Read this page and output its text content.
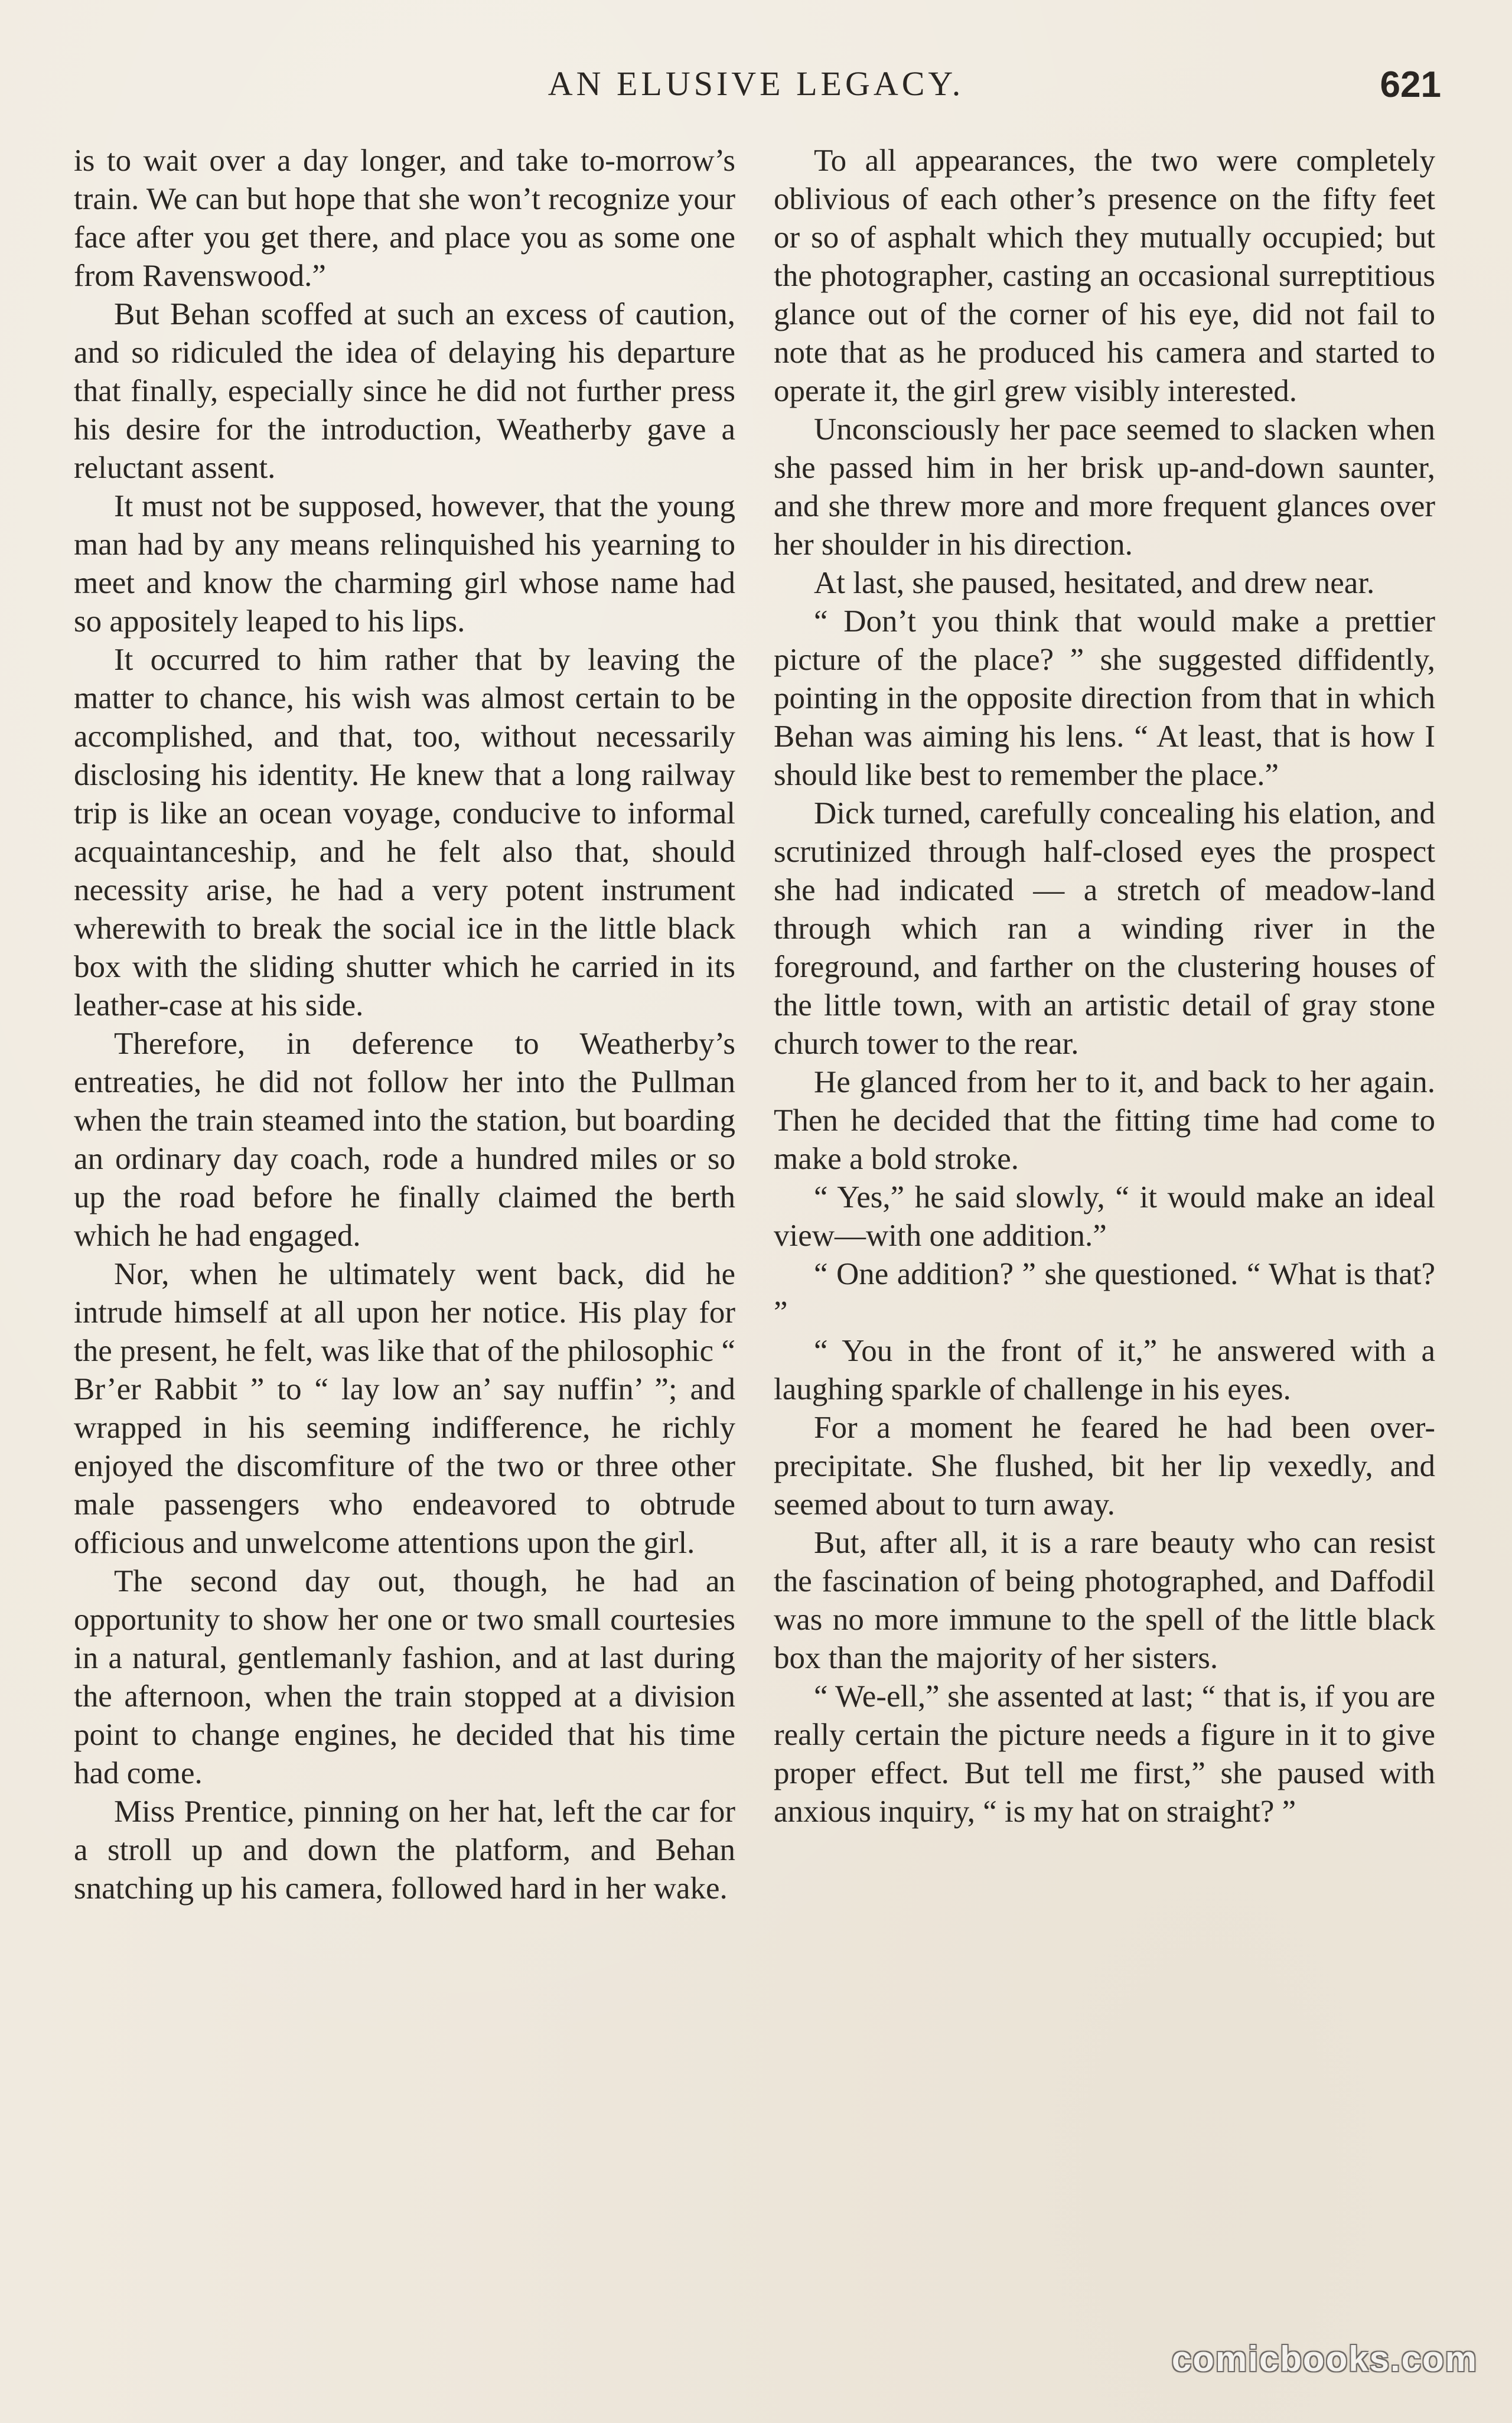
AN ELUSIVE LEGACY.	621

is to wait over a day longer, and take to-morrow’s train. We can but hope that she won’t recognize your face after you get there, and place you as some one from Ravenswood.”

But Behan scoffed at such an excess of caution, and so ridiculed the idea of delaying his departure that finally, especially since he did not further press his desire for the introduction, Weatherby gave a reluctant assent.

It must not be supposed, however, that the young man had by any means relinquished his yearning to meet and know the charming girl whose name had so appositely leaped to his lips.

It occurred to him rather that by leaving the matter to chance, his wish was almost certain to be accomplished, and that, too, without necessarily disclosing his identity. He knew that a long railway trip is like an ocean voyage, conducive to informal acquaintanceship, and he felt also that, should necessity arise, he had a very potent instrument wherewith to break the social ice in the little black box with the sliding shutter which he carried in its leather-case at his side.

Therefore, in deference to Weatherby’s entreaties, he did not follow her into the Pullman when the train steamed into the station, but boarding an ordinary day coach, rode a hundred miles or so up the road before he finally claimed the berth which he had engaged.

Nor, when he ultimately went back, did he intrude himself at all upon her notice. His play for the present, he felt, was like that of the philosophic “ Br’er Rabbit ” to “ lay low an’ say nuffin’ ”; and wrapped in his seeming indifference, he richly enjoyed the discomfiture of the two or three other male passengers who endeavored to obtrude officious and unwelcome attentions upon the girl.

The second day out, though, he had an opportunity to show her one or two small courtesies in a natural, gentlemanly fashion, and at last during the afternoon, when the train stopped at a division point to change engines, he decided that his time had come.

Miss Prentice, pinning on her hat, left the car for a stroll up and down the platform, and Behan snatching up his camera, followed hard in her wake.

To all appearances, the two were completely oblivious of each other’s presence on the fifty feet or so of asphalt which they mutually occupied; but the photographer, casting an occasional surreptitious glance out of the corner of his eye, did not fail to note that as he produced his camera and started to operate it, the girl grew visibly interested.

Unconsciously her pace seemed to slacken when she passed him in her brisk up-and-down saunter, and she threw more and more frequent glances over her shoulder in his direction.

At last, she paused, hesitated, and drew near.

“ Don’t you think that would make a prettier picture of the place? ” she suggested diffidently, pointing in the opposite direction from that in which Behan was aiming his lens. “ At least, that is how I should like best to remember the place.”

Dick turned, carefully concealing his elation, and scrutinized through half-closed eyes the prospect she had indicated — a stretch of meadow-land through which ran a winding river in the foreground, and farther on the clustering houses of the little town, with an artistic detail of gray stone church tower to the rear.

He glanced from her to it, and back to her again. Then he decided that the fitting time had come to make a bold stroke.

“ Yes,” he said slowly, “ it would make an ideal view—with one addition.”

“ One addition? ” she questioned. “ What is that? ”

“ You in the front of it,” he answered with a laughing sparkle of challenge in his eyes.

For a moment he feared he had been over-precipitate. She flushed, bit her lip vexedly, and seemed about to turn away.

But, after all, it is a rare beauty who can resist the fascination of being photographed, and Daffodil was no more immune to the spell of the little black box than the majority of her sisters.

“ We-ell,” she assented at last; “ that is, if you are really certain the picture needs a figure in it to give proper effect. But tell me first,” she paused with anxious inquiry, “ is my hat on straight? ”

comicbooks.com
